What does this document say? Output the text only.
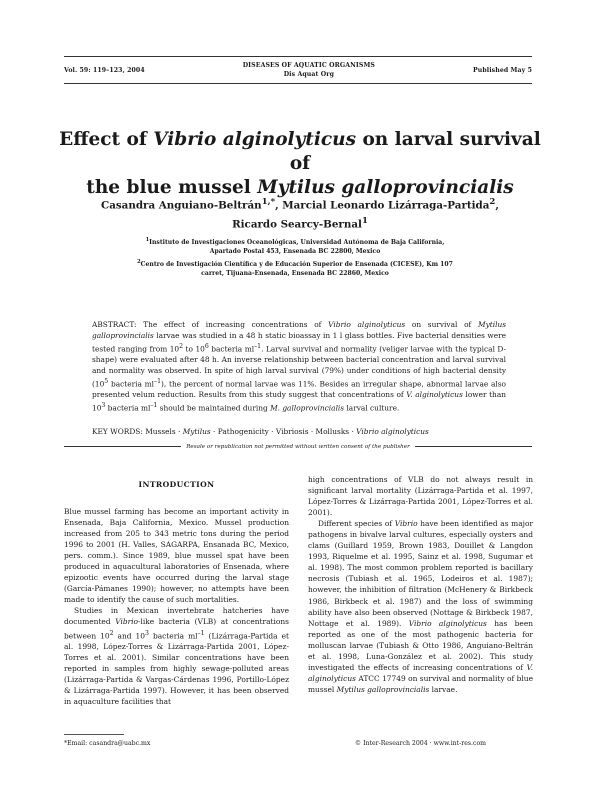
Vol. 59: 119–123, 2004
DISEASES OF AQUATIC ORGANISMS
Dis Aquat Org
Published May 5
Effect of Vibrio alginolyticus on larval survival of
the blue mussel Mytilus galloprovincialis
Casandra Anguiano-Beltrán$^{1,*}$, Marcial Leonardo Lizárraga-Partida$^2$,
Ricardo Searcy-Bernal$^1$
$^1$Instituto de Investigaciones Oceanológicas, Universidad Autónoma de Baja California, Apartado Postal 453, Ensenada BC 22800, Mexico
$^2$Centro de Investigación Científica y de Educación Superior de Ensenada (CICESE), Km 107 carret, Tijuana-Ensenada, Ensenada BC 22860, Mexico
ABSTRACT: The effect of increasing concentrations of Vibrio alginolyticus on survival of Mytilus galloprovincialis larvae was studied in a 48 h static bioassay in 1 l glass bottles. Five bacterial densities were tested ranging from $10^2$ to $10^6$ bacteria $ml^{-1}$. Larval survival and normality (veliger larvae with the typical D-shape) were evaluated after 48 h. An inverse relationship between bacterial concentration and larval survival and normality was observed. In spite of high larval survival (79%) under conditions of high bacterial density ($10^5$ bacteria $ml^{-1}$), the percent of normal larvae was 11%. Besides an irregular shape, abnormal larvae also presented velum reduction. Results from this study suggest that concentrations of V. alginolyticus lower than $10^3$ bacteria $ml^{-1}$ should be maintained during M. galloprovincialis larval culture.
KEY WORDS: Mussels · Mytilus · Pathogenicity · Vibriosis · Mollusks · Vibrio alginolyticus
Resale or republication not permitted without written consent of the publisher
INTRODUCTION

Blue mussel farming has become an important activity in Ensenada, Baja California, Mexico. Mussel production increased from 205 to 343 metric tons during the period 1996 to 2001 (H. Valles, SAGARPA, Ensanada BC, Mexico, pers. comm.). Since 1989, blue mussel spat have been produced in aquacultural laboratories of Ensenada, where epizootic events have occurred during the larval stage (García-Pámanes 1990); however, no attempts have been made to identify the cause of such mortalities.

Studies in Mexican invertebrate hatcheries have documented Vibrio-like bacteria (VLB) at concentrations between $10^2$ and $10^3$ bacteria $ml^{-1}$ (Lizárraga-Partida et al. 1998, López-Torres & Lizárraga-Partida 2001, López-Torres et al. 2001). Similar concentrations have been reported in samples from highly sewage-polluted areas (Lizárraga-Partida & Vargas-Cárdenas 1996, Portillo-López & Lizárraga-Partida 1997). However, it has been observed in aquaculture facilities that

high concentrations of VLB do not always result in significant larval mortality (Lizárraga-Partida et al. 1997, López-Torres & Lizárraga-Partida 2001, López-Torres et al. 2001).

Different species of Vibrio have been identified as major pathogens in bivalve larval cultures, especially oysters and clams (Guillard 1959, Brown 1983, Douillet & Langdon 1993, Riquelme et al. 1995, Sainz et al. 1998, Sugumar et al. 1998). The most common problem reported is bacillary necrosis (Tubiash et al. 1965, Lodeiros et al. 1987); however, the inhibition of filtration (McHenery & Birkbeck 1986, Birkbeck et al. 1987) and the loss of swimming ability have also been observed (Nottage & Birkbeck 1987, Nottage et al. 1989). Vibrio alginolyticus has been reported as one of the most pathogenic bacteria for molluscan larvae (Tubiash & Otto 1986, Anguiano-Beltrán et al. 1998, Luna-González et al. 2002). This study investigated the effects of increasing concentrations of V. alginolyticus ATCC 17749 on survival and normality of blue mussel Mytilus galloprovincialis larvae.

*Email: casandra@uabc.mx	© Inter-Research 2004 · www.int-res.com
